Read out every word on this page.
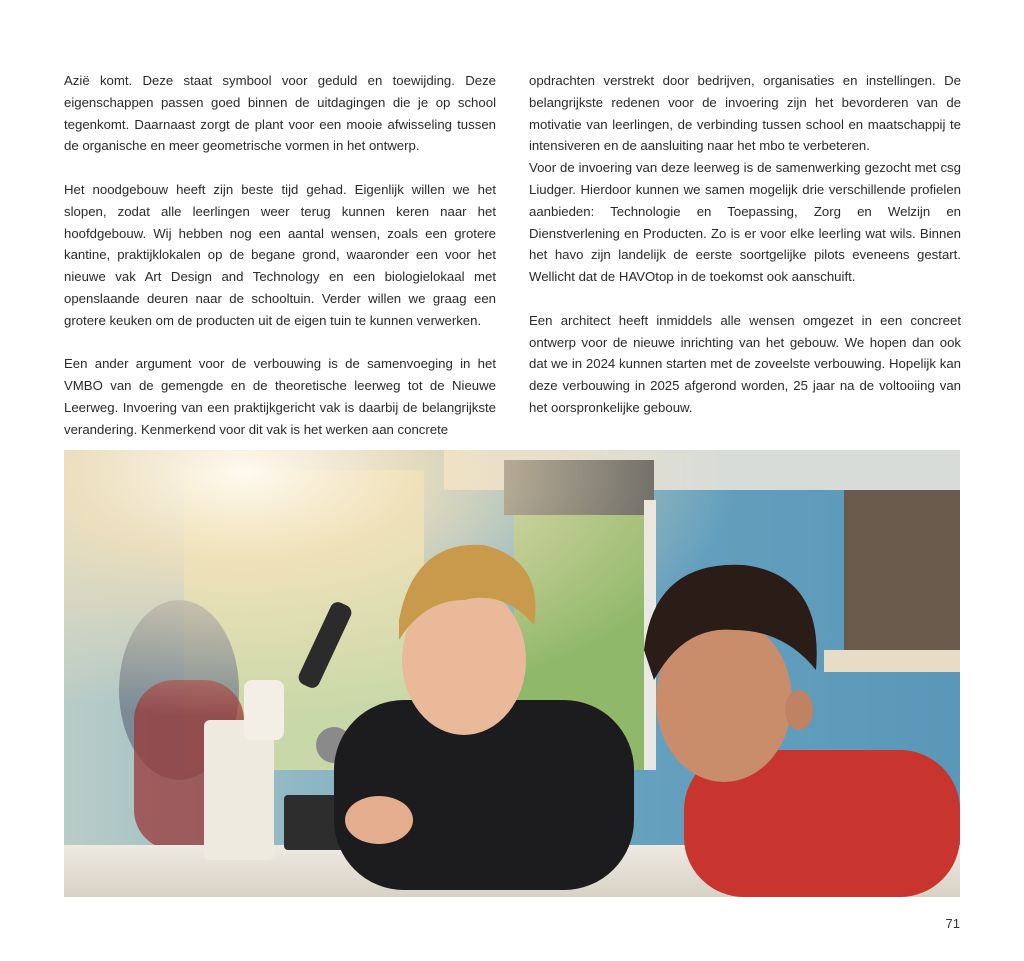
Azië komt. Deze staat symbool voor geduld en toewijding. Deze eigenschappen passen goed binnen de uitdagingen die je op school tegenkomt. Daarnaast zorgt de plant voor een mooie afwisseling tussen de organische en meer geometrische vormen in het ontwerp.

Het noodgebouw heeft zijn beste tijd gehad. Eigenlijk willen we het slopen, zodat alle leerlingen weer terug kunnen keren naar het hoofdgebouw. Wij hebben nog een aantal wensen, zoals een grotere kantine, praktijklokalen op de begane grond, waaronder een voor het nieuwe vak Art Design and Technology en een biologielokaal met openslaande deuren naar de schooltuin. Verder willen we graag een grotere keuken om de producten uit de eigen tuin te kunnen verwerken.

Een ander argument voor de verbouwing is de samenvoeging in het VMBO van de gemengde en de theoretische leerweg tot de Nieuwe Leerweg. Invoering van een praktijkgericht vak is daarbij de belangrijkste verandering. Kenmerkend voor dit vak is het werken aan concrete

opdrachten verstrekt door bedrijven, organisaties en instellingen. De belangrijkste redenen voor de invoering zijn het bevorderen van de motivatie van leerlingen, de verbinding tussen school en maatschappij te intensiveren en de aansluiting naar het mbo te verbeteren.

Voor de invoering van deze leerweg is de samenwerking gezocht met csg Liudger. Hierdoor kunnen we samen mogelijk drie verschillende profielen aanbieden: Technologie en Toepassing, Zorg en Welzijn en Dienstverlening en Producten. Zo is er voor elke leerling wat wils. Binnen het havo zijn landelijk de eerste soortgelijke pilots eveneens gestart. Wellicht dat de HAVOtop in de toekomst ook aanschuift.

Een architect heeft inmiddels alle wensen omgezet in een concreet ontwerp voor de nieuwe inrichting van het gebouw. We hopen dan ook dat we in 2024 kunnen starten met de zoveelste verbouwing. Hopelijk kan deze verbouwing in 2025 afgerond worden, 25 jaar na de voltooiing van het oorspronkelijke gebouw.

71
